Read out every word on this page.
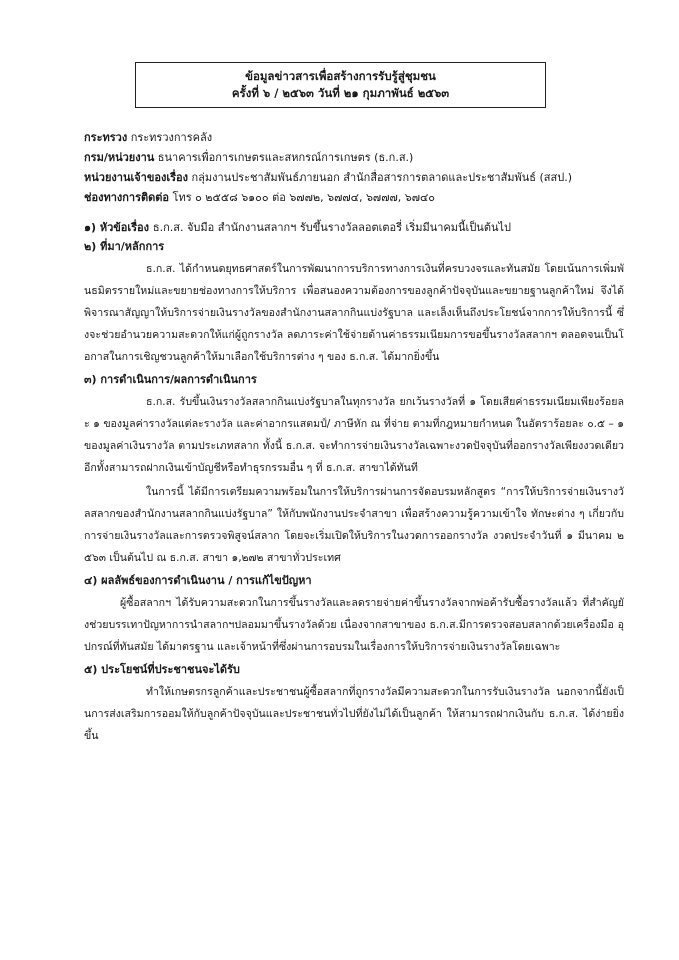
ข้อมูลข่าวสารเพื่อสร้างการรับรู้สู่ชุมชน
ครั้งที่ ๖ / ๒๕๖๓ วันที่ ๒๑ กุมภาพันธ์ ๒๕๖๓
กระทรวง กระทรวงการคลัง
กรม/หน่วยงาน ธนาคารเพื่อการเกษตรและสหกรณ์การเกษตร (ธ.ก.ส.)
หน่วยงานเจ้าของเรื่อง กลุ่มงานประชาสัมพันธ์ภายนอก สำนักสื่อสารการตลาดและประชาสัมพันธ์ (สสป.)
ช่องทางการติดต่อ โทร ๐ ๒๕๕๘ ๖๑๐๐ ต่อ ๖๗๗๒, ๖๗๗๔, ๖๗๗๗, ๖๗๔๐
๑) หัวข้อเรื่อง ธ.ก.ส. จับมือ สำนักงานสลากฯ รับขึ้นรางวัลลอตเตอรี่ เริ่มมีนาคมนี้เป็นต้นไป
๒) ที่มา/หลักการ
ธ.ก.ส. ได้กำหนดยุทธศาสตร์ในการพัฒนาการบริการทางการเงินที่ครบวงจรและทันสมัย โดยเน้นการเพิ่มพันธมิตรรายใหม่และขยายช่องทางการให้บริการ เพื่อสนองความต้องการของลูกค้าปัจจุบันและขยายฐานลูกค้าใหม่ จึงได้พิจารณาสัญญาให้บริการจ่ายเงินรางวัลของสำนักงานสลากกินแบ่งรัฐบาล และเล็งเห็นถึงประโยชน์จากการให้บริการนี้ ซึ่งจะช่วยอำนวยความสะดวกให้แก่ผู้ถูกรางวัล ลดภาระค่าใช้จ่ายด้านค่าธรรมเนียมการขอขึ้นรางวัลสลากฯ ตลอดจนเป็นโอกาสในการเชิญชวนลูกค้าให้มาเลือกใช้บริการต่าง ๆ ของ ธ.ก.ส. ได้มากยิ่งขึ้น
๓) การดำเนินการ/ผลการดำเนินการ
ธ.ก.ส. รับขึ้นเงินรางวัลสลากกินแบ่งรัฐบาลในทุกรางวัล ยกเว้นรางวัลที่ ๑ โดยเสียค่าธรรมเนียมเพียงร้อยละ ๑ ของมูลค่ารางวัลแต่ละรางวัล และค่าอากรแสตมป์/ ภาษีหัก ณ ที่จ่าย ตามที่กฎหมายกำหนด ในอัตราร้อยละ ๐.๕ – ๑ ของมูลค่าเงินรางวัล ตามประเภทสลาก ทั้งนี้ ธ.ก.ส. จะทำการจ่ายเงินรางวัลเฉพาะงวดปัจจุบันที่ออกรางวัลเพียงงวดเดียว อีกทั้งสามารถฝากเงินเข้าบัญชีหรือทำธุรกรรมอื่น ๆ ที่ ธ.ก.ส. สาขาได้ทันที
ในการนี้ ได้มีการเตรียมความพร้อมในการให้บริการผ่านการจัดอบรมหลักสูตร “การให้บริการจ่ายเงินรางวัลสลากของสำนักงานสลากกินแบ่งรัฐบาล” ให้กับพนักงานประจำสาขา เพื่อสร้างความรู้ความเข้าใจ ทักษะต่าง ๆ เกี่ยวกับการจ่ายเงินรางวัลและการตรวจพิสูจน์สลาก โดยจะเริ่มเปิดให้บริการในงวดการออกรางวัล งวดประจำวันที่ ๑ มีนาคม ๒๕๖๓ เป็นต้นไป ณ ธ.ก.ส. สาขา ๑,๒๗๒ สาขาทั่วประเทศ
๔) ผลลัพธ์ของการดำเนินงาน / การแก้ไขปัญหา
ผู้ซื้อสลากฯ ได้รับความสะดวกในการขึ้นรางวัลและลดรายจ่ายค่าขึ้นรางวัลจากพ่อค้ารับซื้อรางวัลแล้ว ที่สำคัญยังช่วยบรรเทาปัญหาการนำสลากฯปลอมมาขึ้นรางวัลด้วย เนื่องจากสาขาของ ธ.ก.ส.มีการตรวจสอบสลากด้วยเครื่องมือ อุปกรณ์ที่ทันสมัย ได้มาตรฐาน และเจ้าหน้าที่ซึ่งผ่านการอบรมในเรื่องการให้บริการจ่ายเงินรางวัลโดยเฉพาะ
๕) ประโยชน์ที่ประชาชนจะได้รับ
ทำให้เกษตรกรลูกค้าและประชาชนผู้ซื้อสลากที่ถูกรางวัลมีความสะดวกในการรับเงินรางวัล นอกจากนี้ยังเป็นการส่งเสริมการออมให้กับลูกค้าปัจจุบันและประชาชนทั่วไปที่ยังไม่ได้เป็นลูกค้า ให้สามารถฝากเงินกับ ธ.ก.ส. ได้ง่ายยิ่งขึ้น
